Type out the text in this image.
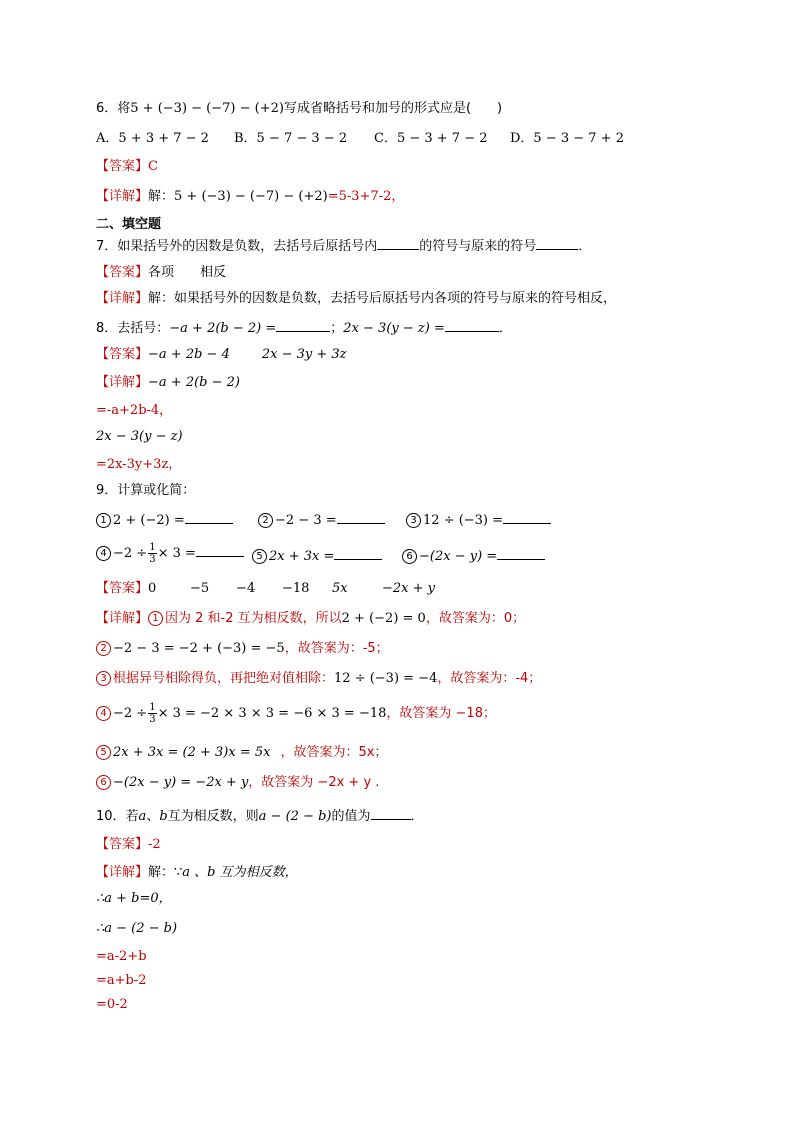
6．将5 + (−3) − (−7) − (+2)写成省略括号和加号的形式应是(　　)
A．5 + 3 + 7 − 2 B．5 − 7 − 3 − 2 C．5 − 3 + 7 − 2 D．5 − 3 − 7 + 2
【答案】C
【详解】解：5 + (−3) − (−7) − (+2)=5-3+7-2，
二、填空题
7．如果括号外的因数是负数，去括号后原括号内	的符号与原来的符号	．
【答案】各项 相反
【详解】解：如果括号外的因数是负数，去括号后原括号内各项的符号与原来的符号相反，
8．去括号：−a + 2(b − 2) =	；2x − 3(y − z) =	．
【答案】−a + 2b − 4 2x − 3y + 3z
【详解】−a + 2(b − 2)
=-a+2b-4，
2x − 3(y − z)
=2x-3y+3z，
9．计算或化简：
1 2 + (−2) =	2 −2 − 3 =	3 12 ÷ (−3) =
$4 -2 \div \frac{1}{3} \times 3$ =	5 2x + 3x =	6 −(2x − y) =
【答案】0	−5 −4 −18 5x	−2x + y
【详解】 1 因为 2 和-2 互为相反数，所以2 + (−2) = 0，故答案为：0；
2 −2 − 3 = −2 + (−3) = −5，故答案为：-5；
3 根据异号相除得负，再把绝对值相除：12 ÷ (−3) = −4，故答案为：-4；
$4 -2 \div \frac{1}{3} \times 3 = -2 \times 3 \times 3 = -6 \times 3 = -18$，故答案为 −18；
5 2x + 3x = (2 + 3)x = 5x ，故答案为：5x；
6 −(2x − y) = −2x + y，故答案为 −2x + y .
10．若a、b互为相反数，则a − (2 − b)的值为	．
【答案】-2
【详解】解：∵a 、b 互为相反数，
∴a + b=0，
∴a − (2 − b)
=a-2+b
=a+b-2
=0-2
